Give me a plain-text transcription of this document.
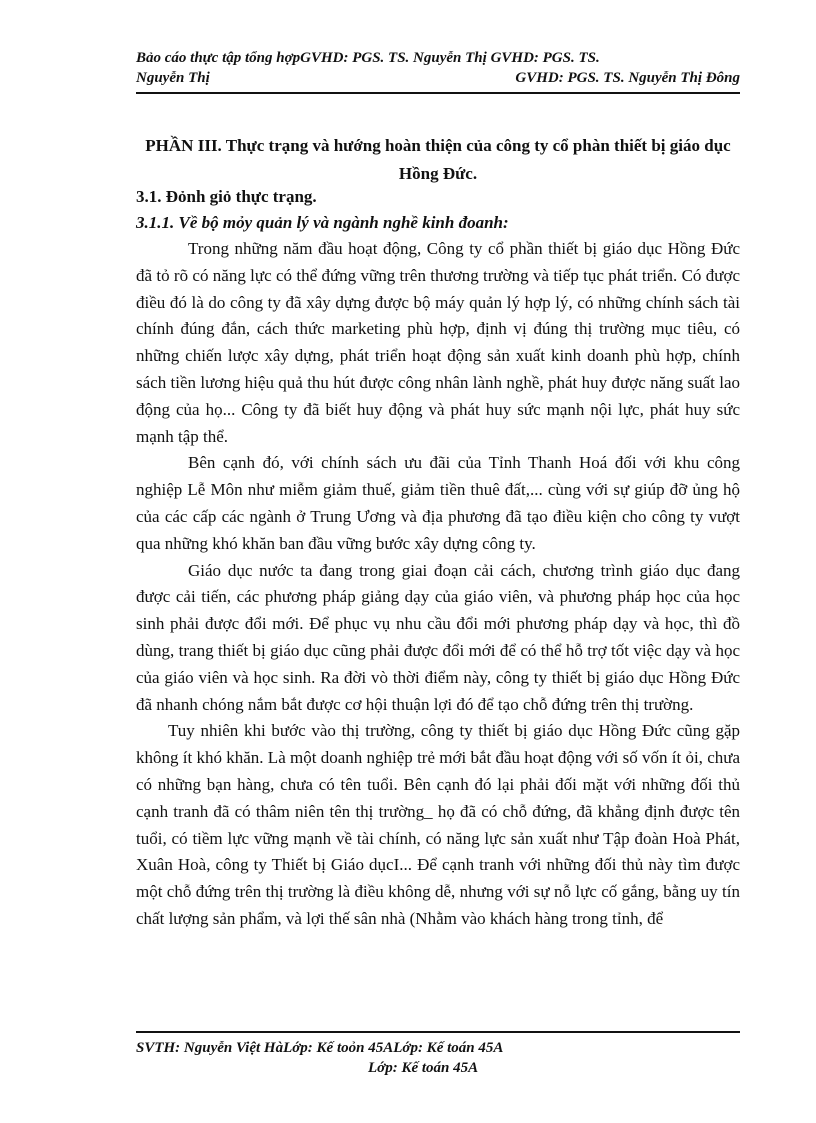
Bảo cáo thực tập tổng hợpGVHD: PGS. TS. Nguyễn Thị GVHD: PGS. TS.
Nguyễn Thị	GVHD: PGS. TS. Nguyễn Thị Đông
PHẦN III. Thực trạng và hướng hoàn thiện của công ty cổ phàn thiết bị giáo dục Hồng Đức.
3.1. Đỏnh giỏ thực trạng.
3.1.1. Về bộ mỏy quản lý và ngành nghề kinh đoanh:

Trong những năm đầu hoạt động, Công ty cổ phần thiết bị giáo dục Hồng Đức đã tỏ rõ có năng lực có thể đứng vững trên thương trường và tiếp tục phát triển. Có được điều đó là do công ty đã xây dựng được bộ máy quản lý hợp lý, có những chính sách tài chính đúng đắn, cách thức marketing phù hợp, định vị đúng thị trường mục tiêu, có những chiến lược xây dựng, phát triển hoạt động sản xuất kinh doanh phù hợp, chính sách tiền lương hiệu quả thu hút được công nhân lành nghề, phát huy được năng suất lao động của họ... Công ty đã biết huy động và phát huy sức mạnh nội lực, phát huy sức mạnh tập thể.

Bên cạnh đó, với chính sách ưu đãi của Tỉnh Thanh Hoá đối với khu công nghiệp Lễ Môn như miễm giảm thuế, giảm tiền thuê đất,... cùng với sự giúp đỡ ủng hộ của các cấp các ngành ở Trung Ương và địa phương đã tạo điều kiện cho công ty vượt qua những khó khăn ban đầu vững bước xây dựng công ty.

Giáo dục nước ta đang trong giai đoạn cải cách, chương trình giáo dục đang được cải tiến, các phương pháp giảng dạy của giáo viên, và phương pháp học của học sinh phải được đổi mới. Để phục vụ nhu cầu đổi mới phương pháp dạy và học, thì đồ dùng, trang thiết bị giáo dục cũng phải được đổi mới để có thể hỗ trợ tốt việc dạy và học của giáo viên và học sinh. Ra đời vò thời điểm này, công ty thiết bị giáo dục Hồng Đức đã nhanh chóng nắm bắt được cơ hội thuận lợi đó để tạo chỗ đứng trên thị trường.

Tuy nhiên khi bước vào thị trường, công ty thiết bị giáo dục Hồng Đức cũng gặp không ít khó khăn. Là một doanh nghiệp trẻ mới bắt đầu hoạt động với số vốn ít ỏi, chưa có những bạn hàng, chưa có tên tuổi. Bên cạnh đó lại phải đối mặt với những đối thủ cạnh tranh đã có thâm niên tên thị trường_ họ đã có chỗ đứng, đã khẳng định được tên tuổi, có tiềm lực vững mạnh về tài chính, có năng lực sản xuất như Tập đoàn Hoà Phát, Xuân Hoà, công ty Thiết bị Giáo dụcI... Để cạnh tranh với những đối thủ này tìm được một chỗ đứng trên thị trường là điều không dễ, nhưng với sự nỗ lực cố gắng, bằng uy tín chất lượng sản phẩm, và lợi thế sân nhà (Nhằm vào khách hàng trong tỉnh, để

SVTH: Nguyễn Việt HàLớp: Kế toỏn 45ALớp: Kế toán 45A
Lớp: Kế toán 45A
